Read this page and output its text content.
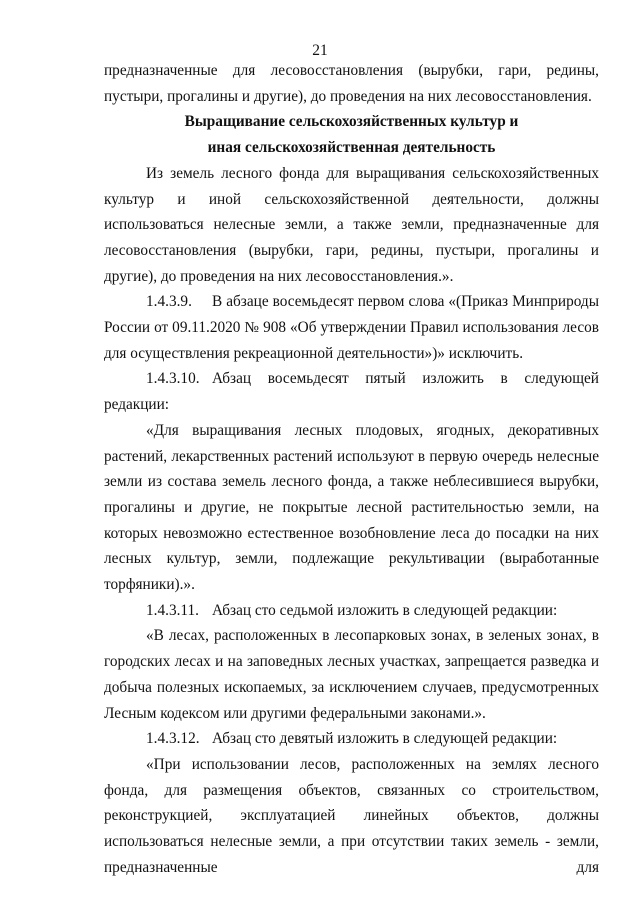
21

предназначенные для лесовосстановления (вырубки, гари, редины, пустыри, прогалины и другие), до проведения на них лесовосстановления.

Выращивание сельскохозяйственных культур и

иная сельскохозяйственная деятельность

Из земель лесного фонда для выращивания сельскохозяйственных культур и иной сельскохозяйственной деятельности, должны использоваться нелесные земли, а также земли, предназначенные для лесовосстановления (вырубки, гари, редины, пустыри, прогалины и другие), до проведения на них лесовосстановления.».

1.4.3.9. В абзаце восемьдесят первом слова «(Приказ Минприроды России от 09.11.2020 № 908 «Об утверждении Правил использования лесов для осуществления рекреационной деятельности»)» исключить.

1.4.3.10. Абзац восемьдесят пятый изложить в следующей редакции:

«Для выращивания лесных плодовых, ягодных, декоративных растений, лекарственных растений используют в первую очередь нелесные земли из состава земель лесного фонда, а также неблесившиеся вырубки, прогалины и другие, не покрытые лесной растительностью земли, на которых невозможно естественное возобновление леса до посадки на них лесных культур, земли, подлежащие рекультивации (выработанные торфяники).».

1.4.3.11. Абзац сто седьмой изложить в следующей редакции:

«В лесах, расположенных в лесопарковых зонах, в зеленых зонах, в городских лесах и на заповедных лесных участках, запрещается разведка и добыча полезных ископаемых, за исключением случаев, предусмотренных Лесным кодексом или другими федеральными законами.».

1.4.3.12. Абзац сто девятый изложить в следующей редакции:

«При использовании лесов, расположенных на землях лесного фонда, для размещения объектов, связанных со строительством, реконструкцией, эксплуатацией линейных объектов, должны использоваться нелесные земли, а при отсутствии таких земель - земли, предназначенные для
